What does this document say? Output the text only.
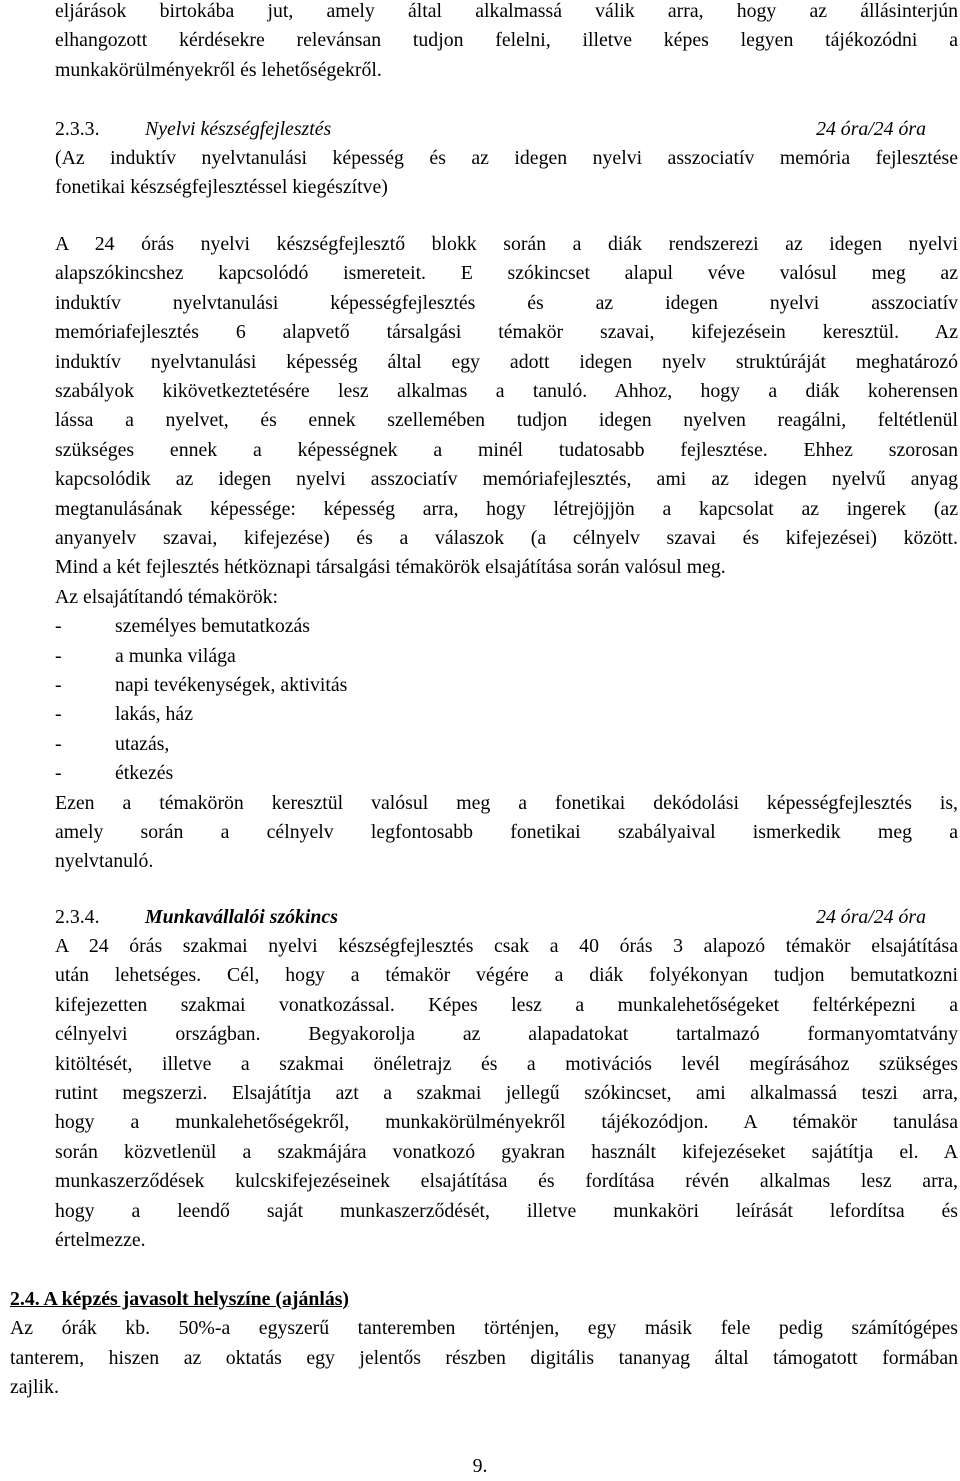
eljárások birtokába jut, amely által alkalmassá válik arra, hogy az állásinterjún

elhangozott kérdésekre relevánsan tudjon felelni, illetve képes legyen tájékozódni a

munkakörülményekről és lehetőségekről.

2.3.3. Nyelvi készségfejlesztés	24 óra/24 óra

(Az induktív nyelvtanulási képesség és az idegen nyelvi asszociatív memória fejlesztése

fonetikai készségfejlesztéssel kiegészítve)

A 24 órás nyelvi készségfejlesztő blokk során a diák rendszerezi az idegen nyelvi

alapszókincshez kapcsolódó ismereteit. E szókincset alapul véve valósul meg az

induktív nyelvtanulási képességfejlesztés és az idegen nyelvi asszociatív

memóriafejlesztés 6 alapvető társalgási témakör szavai, kifejezésein keresztül. Az

induktív nyelvtanulási képesség által egy adott idegen nyelv struktúráját meghatározó

szabályok kikövetkeztetésére lesz alkalmas a tanuló. Ahhoz, hogy a diák koherensen

lássa a nyelvet, és ennek szellemében tudjon idegen nyelven reagálni, feltétlenül

szükséges ennek a képességnek a minél tudatosabb fejlesztése. Ehhez szorosan

kapcsolódik az idegen nyelvi asszociatív memóriafejlesztés, ami az idegen nyelvű anyag

megtanulásának képessége: képesség arra, hogy létrejöjjön a kapcsolat az ingerek (az

anyanyelv szavai, kifejezése) és a válaszok (a célnyelv szavai és kifejezései) között.

Mind a két fejlesztés hétköznapi társalgási témakörök elsajátítása során valósul meg.

Az elsajátítandó témakörök:

-	személyes bemutatkozás
-	a munka világa
-	napi tevékenységek, aktivitás
-	lakás, ház
-	utazás,
-	étkezés

Ezen a témakörön keresztül valósul meg a fonetikai dekódolási képességfejlesztés is,

amely során a célnyelv legfontosabb fonetikai szabályaival ismerkedik meg a

nyelvtanuló.

2.3.4. Munkavállalói szókincs	24 óra/24 óra

A 24 órás szakmai nyelvi készségfejlesztés csak a 40 órás 3 alapozó témakör elsajátítása

után lehetséges. Cél, hogy a témakör végére a diák folyékonyan tudjon bemutatkozni

kifejezetten szakmai vonatkozással. Képes lesz a munkalehetőségeket feltérképezni a

célnyelvi országban. Begyakorolja az alapadatokat tartalmazó formanyomtatvány

kitöltését, illetve a szakmai önéletrajz és a motivációs levél megírásához szükséges

rutint megszerzi. Elsajátítja azt a szakmai jellegű szókincset, ami alkalmassá teszi arra,

hogy a munkalehetőségekről, munkakörülményekről tájékozódjon. A témakör tanulása

során közvetlenül a szakmájára vonatkozó gyakran használt kifejezéseket sajátítja el. A

munkaszerződések kulcskifejezéseinek elsajátítása és fordítása révén alkalmas lesz arra,

hogy a leendő saját munkaszerződését, illetve munkaköri leírását lefordítsa és

értelmezze.

2.4. A képzés javasolt helyszíne (ajánlás)

Az órák kb. 50%-a egyszerű tanteremben történjen, egy másik fele pedig számítógépes

tanterem, hiszen az oktatás egy jelentős részben digitális tananyag által támogatott formában

zajlik.

9.
